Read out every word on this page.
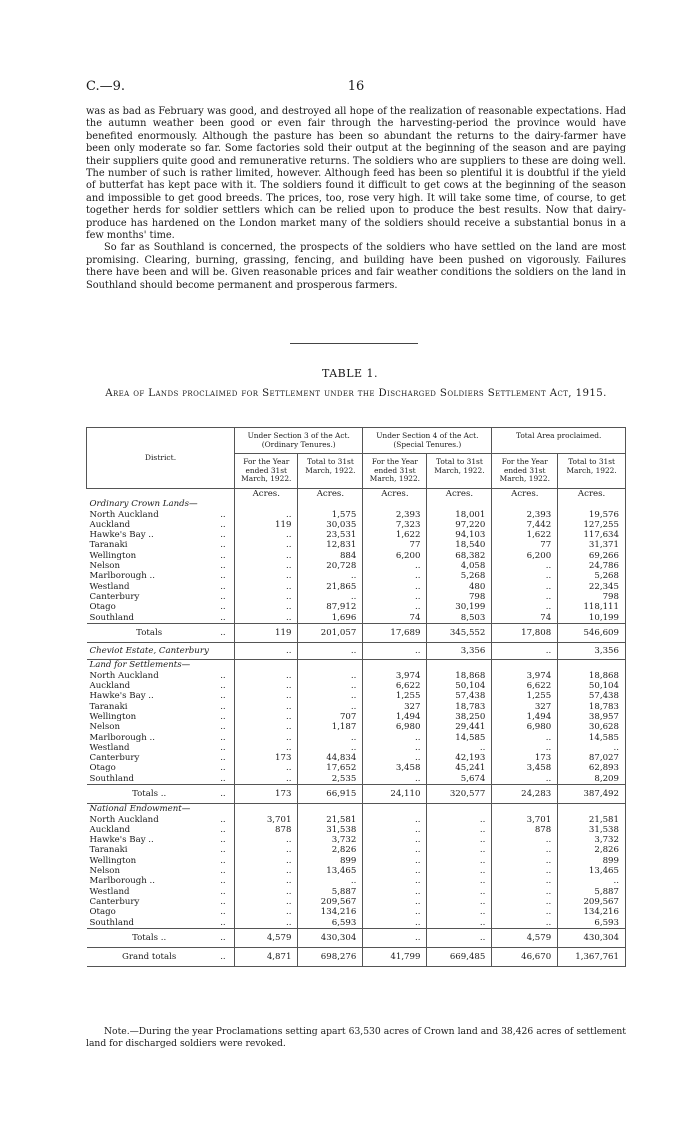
C.—9.	16

was as bad as February was good, and destroyed all hope of the realization of reasonable expectations. Had the autumn weather been good or even fair through the harvesting-period the province would have benefited enormously. Although the pasture has been so abundant the returns to the dairy-farmer have been only moderate so far. Some factories sold their output at the beginning of the season and are paying their suppliers quite good and remunerative returns. The soldiers who are suppliers to these are doing well. The number of such is rather limited, however. Although feed has been so plentiful it is doubtful if the yield of butterfat has kept pace with it. The soldiers found it difficult to get cows at the beginning of the season and impossible to get good breeds. The prices, too, rose very high. It will take some time, of course, to get together herds for soldier settlers which can be relied upon to produce the best results. Now that dairy-produce has hardened on the London market many of the soldiers should receive a substantial bonus in a few months' time.

So far as Southland is concerned, the prospects of the soldiers who have settled on the land are most promising. Clearing, burning, grassing, fencing, and building have been pushed on vigorously. Failures there have been and will be. Given reasonable prices and fair weather conditions the soldiers on the land in Southland should become permanent and prosperous farmers.

TABLE 1.
Area of Lands proclaimed for Settlement under the Discharged Soldiers Settlement Act, 1915.
District.		Under Section 3 of the Act. (Ordinary Tenures.)		Under Section 4 of the Act. (Special Tenures.)		Total Area proclaimed.	
		For the Year ended 31st March, 1922.	Total to 31st March, 1922.	For the Year ended 31st March, 1922.	Total to 31st March, 1922.	For the Year ended 31st March, 1922.	Total to 31st March, 1922.
		Acres.	Acres.	Acres.	Acres.	Acres.	Acres.
Ordinary Crown Lands—							
North Auckland	..	..	1,575	2,393	18,001	2,393	19,576
Auckland	..	119	30,035	7,323	97,220	7,442	127,255
Hawke's Bay ..	..	..	23,531	1,622	94,103	1,622	117,634
Taranaki	..	..	12,831	77	18,540	77	31,371
Wellington	..	..	884	6,200	68,382	6,200	69,266
Nelson	..	..	20,728	..	4,058	..	24,786
Marlborough ..	..	..	..	..	5,268	..	5,268
Westland	..	..	21,865	..	480	..	22,345
Canterbury	..	..	..	..	798	..	798
Otago	..	..	87,912	..	30,199	..	118,111
Southland	..	..	1,696	74	8,503	74	10,199
Totals	..	119	201,057	17,689	345,552	17,808	546,609
Cheviot Estate, Canterbury		..	..	..	3,356	..	3,356
Land for Settlements—							
North Auckland	..	..	..	3,974	18,868	3,974	18,868
Auckland	..	..	..	6,622	50,104	6,622	50,104
Hawke's Bay ..	..	..	..	1,255	57,438	1,255	57,438
Taranaki	..	..	..	327	18,783	327	18,783
Wellington	..	..	707	1,494	38,250	1,494	38,957
Nelson	..	..	1,187	6,980	29,441	6,980	30,628
Marlborough ..	..	..	..	..	14,585	..	14,585
Westland	..	..	..	..	..	..	..
Canterbury	..	173	44,834	..	42,193	173	87,027
Otago	..	..	17,652	3,458	45,241	3,458	62,893
Southland	..	..	2,535	..	5,674	..	8,209
Totals ..	..	173	66,915	24,110	320,577	24,283	387,492
National Endowment—							
North Auckland	..	3,701	21,581	..	..	3,701	21,581
Auckland	..	878	31,538	..	..	878	31,538
Hawke's Bay ..	..	..	3,732	..	..	..	3,732
Taranaki	..	..	2,826	..	..	..	2,826
Wellington	..	..	899	..	..	..	899
Nelson	..	..	13,465	..	..	..	13,465
Marlborough ..	..	..	..	..	..	..	..
Westland	..	..	5,887	..	..	..	5,887
Canterbury	..	..	209,567	..	..	..	209,567
Otago	..	..	134,216	..	..	..	134,216
Southland	..	..	6,593	..	..	..	6,593
Totals ..	..	4,579	430,304	..	..	4,579	430,304
Grand totals	..	4,871	698,276	41,799	669,485	46,670	1,367,761
Note.—During the year Proclamations setting apart 63,530 acres of Crown land and 38,426 acres of settlement land for discharged soldiers were revoked.
